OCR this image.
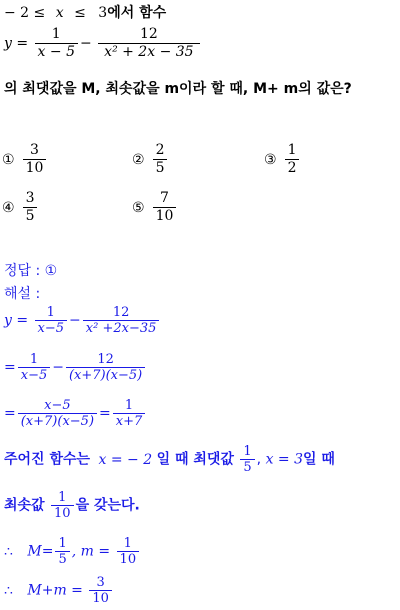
− 2 ≤ x ≤ 3에서 함수
$y = \frac{1}{x - 5} - \frac{12}{\text{x² + 2x − 35}}$
의 최댓값을 M, 최솟값을 m이라 할 때, M+ m의 값은?
① $\frac{3}{10}$	② $\frac{2}{5}$	③ $\frac{1}{2}$
④ $\frac{3}{5}$	⑤ $\frac{7}{10}$
정답 : ①
해설 :
$y = \frac{1}{x-5} - \frac{12}{\text{x² +2x−35}}$
= $\frac{1}{x-5} - \frac{12}{(x+7)(x-5)}$
= $\frac{x-5}{(x+7)(x-5)} = \frac{1}{x+7}$
주어진 함수는 x = − 2 일 때 최댓값 $\frac{1}{5}$ , x = 3일 때
최솟값 $\frac{1}{10}$ 을 갖는다.
∴ $M= \frac{1}{5}$ , $m = \frac{1}{10}$
∴ $M+m = \frac{3}{10}$
